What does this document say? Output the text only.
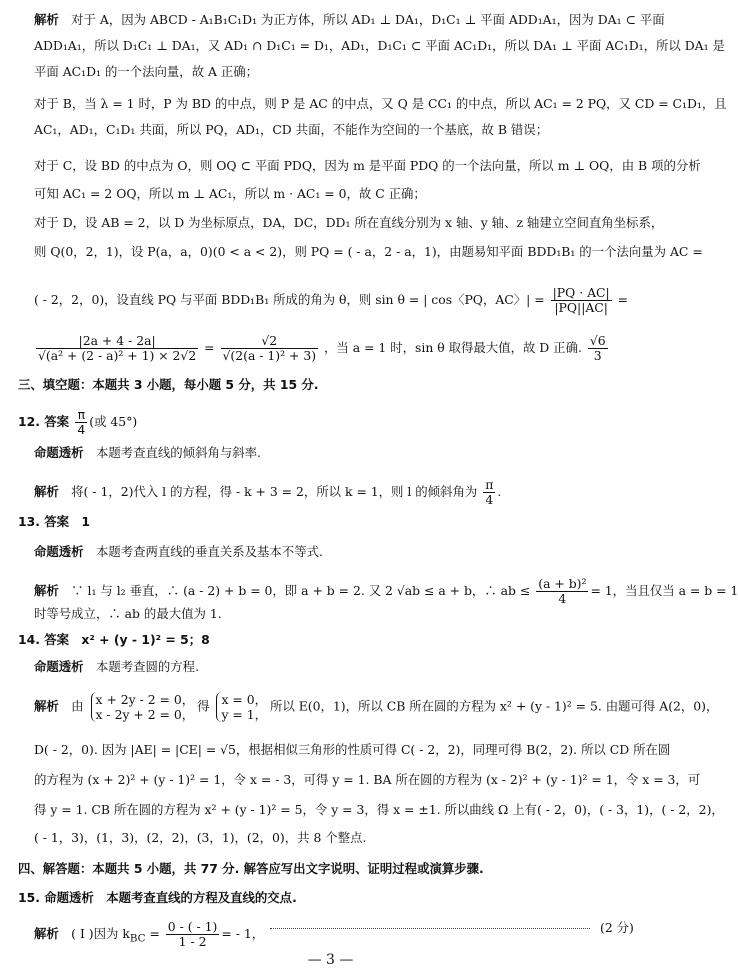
解析　对于 A，因为 ABCD - A₁B₁C₁D₁ 为正方体，所以 AD₁ ⊥ DA₁，D₁C₁ ⊥ 平面 ADD₁A₁，因为 DA₁ ⊂ 平面
ADD₁A₁，所以 D₁C₁ ⊥ DA₁，又 AD₁ ∩ D₁C₁ = D₁，AD₁，D₁C₁ ⊂ 平面 AC₁D₁，所以 DA₁ ⊥ 平面 AC₁D₁，所以 DA₁ 是
平面 AC₁D₁ 的一个法向量，故 A 正确；
对于 B，当 λ = 1 时，P 为 BD 的中点，则 P 是 AC 的中点，又 Q 是 CC₁ 的中点，所以 AC₁ = 2 PQ，又 CD = C₁D₁，且
AC₁，AD₁，C₁D₁ 共面，所以 PQ，AD₁，CD 共面，不能作为空间的一个基底，故 B 错误；
对于 C，设 BD 的中点为 O，则 OQ ⊂ 平面 PDQ，因为 m 是平面 PDQ 的一个法向量，所以 m ⊥ OQ，由 B 项的分析
可知 AC₁ = 2 OQ，所以 m ⊥ AC₁，所以 m · AC₁ = 0，故 C 正确；
对于 D，设 AB = 2，以 D 为坐标原点，DA，DC，DD₁ 所在直线分别为 x 轴、y 轴、z 轴建立空间直角坐标系，
则 Q(0，2，1)，设 P(a，a，0)(0 < a < 2)，则 PQ = ( - a，2 - a，1)，由题易知平面 BDD₁B₁ 的一个法向量为 AC =
( - 2，2，0)，设直线 PQ 与平面 BDD₁B₁ 所成的角为 θ，则 sin θ = | cos〈PQ，AC〉| = $\frac{|PQ \cdot AC|}{|PQ||AC|}$ =
$\frac{|2a + 4 - 2a|}{\text{√(a² + (2 - a)² + 1) × 2√2}} = \frac{√2}{\text{√(2(a - 1)² + 3)}}$ ，当 a = 1 时，sin θ 取得最大值，故 D 正确. $\frac{√6}{3}$
三、填空题：本题共 3 小题，每小题 5 分，共 15 分.
12. 答案 $\frac{\pi}{4}$ (或 45°)
命题透析　本题考查直线的倾斜角与斜率.
解析　将( - 1，2)代入 l 的方程，得 - k + 3 = 2，所以 k = 1，则 l 的倾斜角为 $\frac{\pi}{4}$ .
13. 答案　1
命题透析　本题考查两直线的垂直关系及基本不等式.
解析　∵ l₁ 与 l₂ 垂直，∴ (a - 2) + b = 0，即 a + b = 2. 又 2 √ab ≤ a + b，∴ ab ≤ $\frac{\text{(a + b)²}}{4} = 1$，当且仅当 a = b = 1
时等号成立，∴ ab 的最大值为 1.
14. 答案　x² + (y - 1)² = 5；8
命题透析　本题考查圆的方程.
解析　由 x + 2y - 2 = 0，
x - 2y + 2 = 0，得 x = 0，
y = 1，所以 E(0，1)，所以 CB 所在圆的方程为 x² + (y - 1)² = 5. 由题可得 A(2，0)，
D( - 2，0). 因为 |AE| = |CE| = √5，根据相似三角形的性质可得 C( - 2，2)，同理可得 B(2，2). 所以 CD 所在圆
的方程为 (x + 2)² + (y - 1)² = 1，令 x = - 3，可得 y = 1. BA 所在圆的方程为 (x - 2)² + (y - 1)² = 1，令 x = 3，可
得 y = 1. CB 所在圆的方程为 x² + (y - 1)² = 5，令 y = 3，得 x = ±1. 所以曲线 Ω 上有( - 2，0)，( - 3，1)，( - 2，2)，
( - 1，3)，(1，3)，(2，2)，(3，1)，(2，0)，共 8 个整点.
四、解答题：本题共 5 小题，共 77 分. 解答应写出文字说明、证明过程或演算步骤.
15. 命题透析　本题考查直线的方程及直线的交点.
解析　( Ⅰ )因为 $k_{BC} = \frac{0 - ( - 1)}{1 - 2}$ = - 1，	(2 分)
— 3 —
